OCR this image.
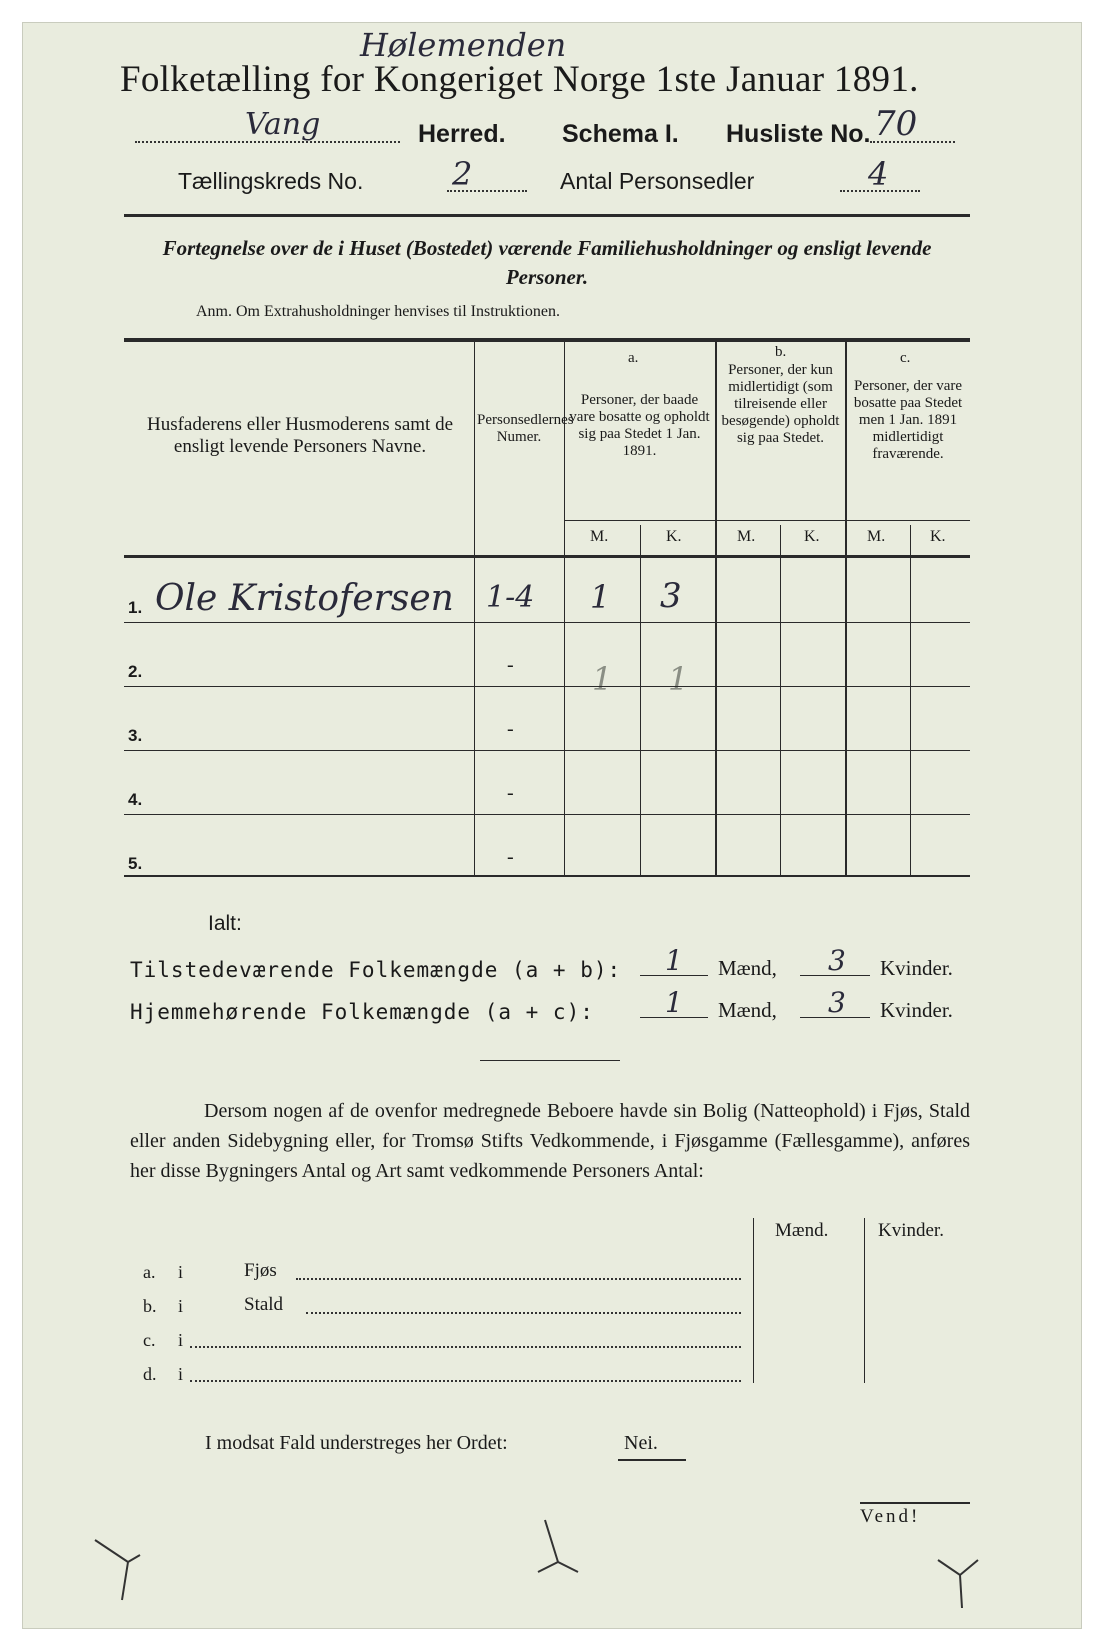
Hølemenden
Folketælling for Kongeriget Norge 1ste Januar 1891.
Vang	Herred. Schema I. Husliste No. 70
Tællingskreds No.	2	Antal Personsedler	4
Fortegnelse over de i Huset (Bostedet) værende Familiehusholdninger og ensligt levende Personer.
Anm. Om Extrahusholdninger henvises til Instruktionen.
Husfaderens eller Husmoderens samt de ensligt levende Personers Navne.
Personsedlernes Numer.
a.
Personer, der baade vare bosatte og opholdt sig paa Stedet 1 Jan. 1891.
b.
Personer, der kun midlertidigt (som tilreisende eller besøgende) opholdt sig paa Stedet.
c.
Personer, der vare bosatte paa Stedet men 1 Jan. 1891 midlertidigt fraværende.
M.	K.	M.	K.	M.	K.
1. Ole Kristofersen 1-4 1 3
2.	- 1 1
3.	-
4.	-
5.	-
Ialt:
Tilstedeværende Folkemængde (a + b): 1 Mænd, 3 Kvinder.
Hjemmehørende Folkemængde (a + c):	1 Mænd, 3 Kvinder.
Dersom nogen af de ovenfor medregnede Beboere havde sin Bolig (Natteophold) i Fjøs, Stald eller anden Sidebygning eller, for Tromsø Stifts Vedkommende, i Fjøsgamme (Fællesgamme), anføres her disse Bygningers Antal og Art samt vedkommende Personers Antal:
Mænd.	Kvinder.
a. i	Fjøs
b. i	Stald
c. i
d. i
I modsat Fald understreges her Ordet:	Nei.
Vend!
